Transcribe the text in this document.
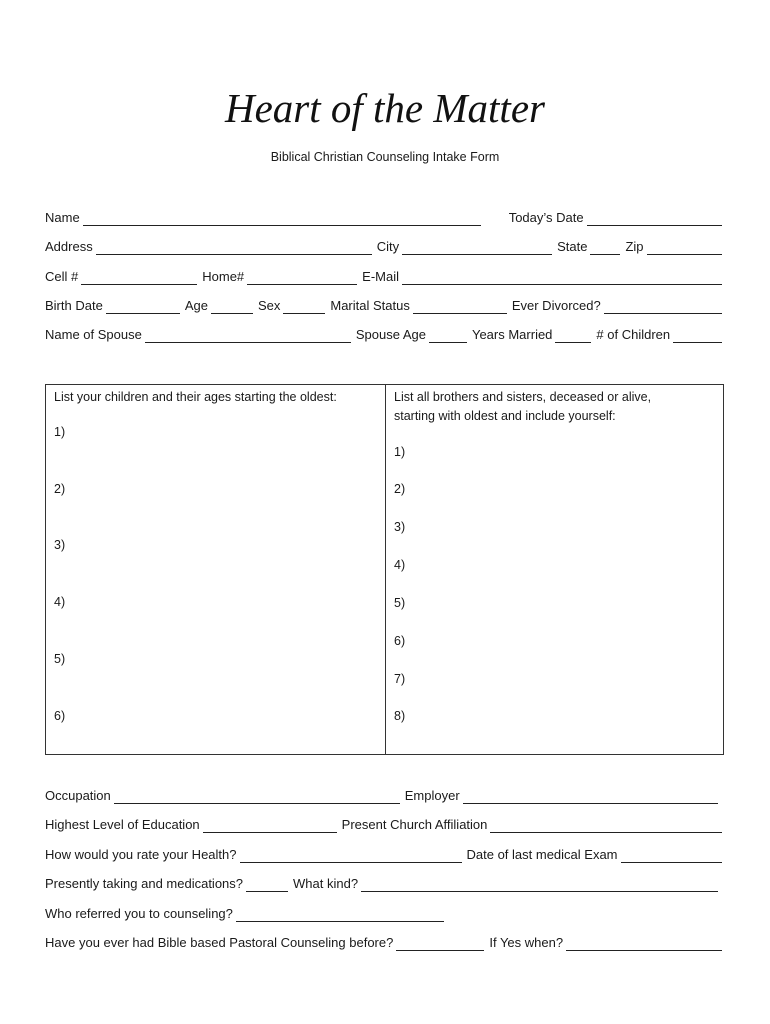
Heart of the Matter
Biblical Christian Counseling Intake Form
Name	Today’s Date
Address	City	State	Zip
Cell #	Home#	E-Mail
Birth Date	Age	Sex	Marital Status	Ever Divorced?
Name of Spouse	Spouse Age	Years Married	# of Children
List your children and their ages starting the oldest:
1)
2)
3)
4)
5)
6)
List all brothers and sisters, deceased or alive, starting with oldest and include yourself:
1)
2)
3)
4)
5)
6)
7)
8)
Occupation	Employer
Highest Level of Education	Present Church Affiliation
How would you rate your Health?	Date of last medical Exam
Presently taking and medications?	What kind?
Who referred you to counseling?
Have you ever had Bible based Pastoral Counseling before?	If Yes when?
